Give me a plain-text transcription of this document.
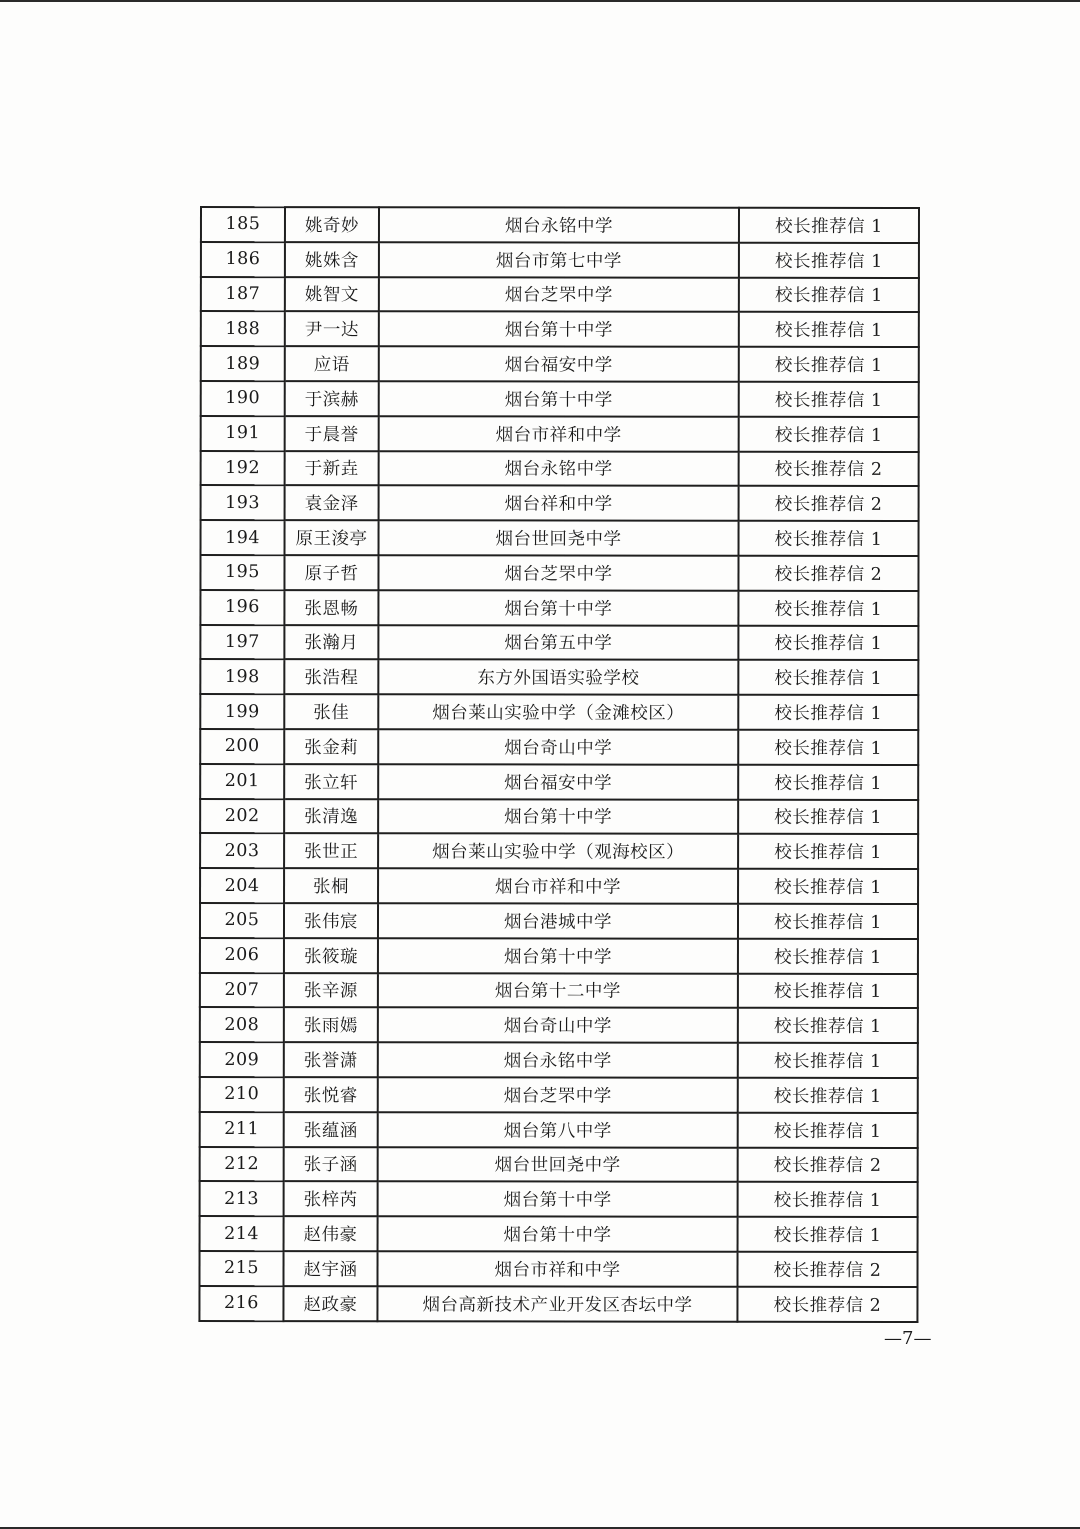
185	姚奇妙	烟台永铭中学	校长推荐信 1
186	姚姝含	烟台市第七中学	校长推荐信 1
187	姚智文	烟台芝罘中学	校长推荐信 1
188	尹一达	烟台第十中学	校长推荐信 1
189	应语	烟台福安中学	校长推荐信 1
190	于滨赫	烟台第十中学	校长推荐信 1
191	于晨誉	烟台市祥和中学	校长推荐信 1
192	于新垚	烟台永铭中学	校长推荐信 2
193	袁金泽	烟台祥和中学	校长推荐信 2
194	原王浚亭	烟台世回尧中学	校长推荐信 1
195	原子哲	烟台芝罘中学	校长推荐信 2
196	张恩畅	烟台第十中学	校长推荐信 1
197	张瀚月	烟台第五中学	校长推荐信 1
198	张浩程	东方外国语实验学校	校长推荐信 1
199	张佳	烟台莱山实验中学（金滩校区）	校长推荐信 1
200	张金莉	烟台奇山中学	校长推荐信 1
201	张立轩	烟台福安中学	校长推荐信 1
202	张清逸	烟台第十中学	校长推荐信 1
203	张世正	烟台莱山实验中学（观海校区）	校长推荐信 1
204	张桐	烟台市祥和中学	校长推荐信 1
205	张伟宸	烟台港城中学	校长推荐信 1
206	张筱璇	烟台第十中学	校长推荐信 1
207	张辛源	烟台第十二中学	校长推荐信 1
208	张雨嫣	烟台奇山中学	校长推荐信 1
209	张誉潇	烟台永铭中学	校长推荐信 1
210	张悦睿	烟台芝罘中学	校长推荐信 1
211	张蕴涵	烟台第八中学	校长推荐信 1
212	张子涵	烟台世回尧中学	校长推荐信 2
213	张梓芮	烟台第十中学	校长推荐信 1
214	赵伟豪	烟台第十中学	校长推荐信 1
215	赵宇涵	烟台市祥和中学	校长推荐信 2
216	赵政豪	烟台高新技术产业开发区杏坛中学	校长推荐信 2
—7—
